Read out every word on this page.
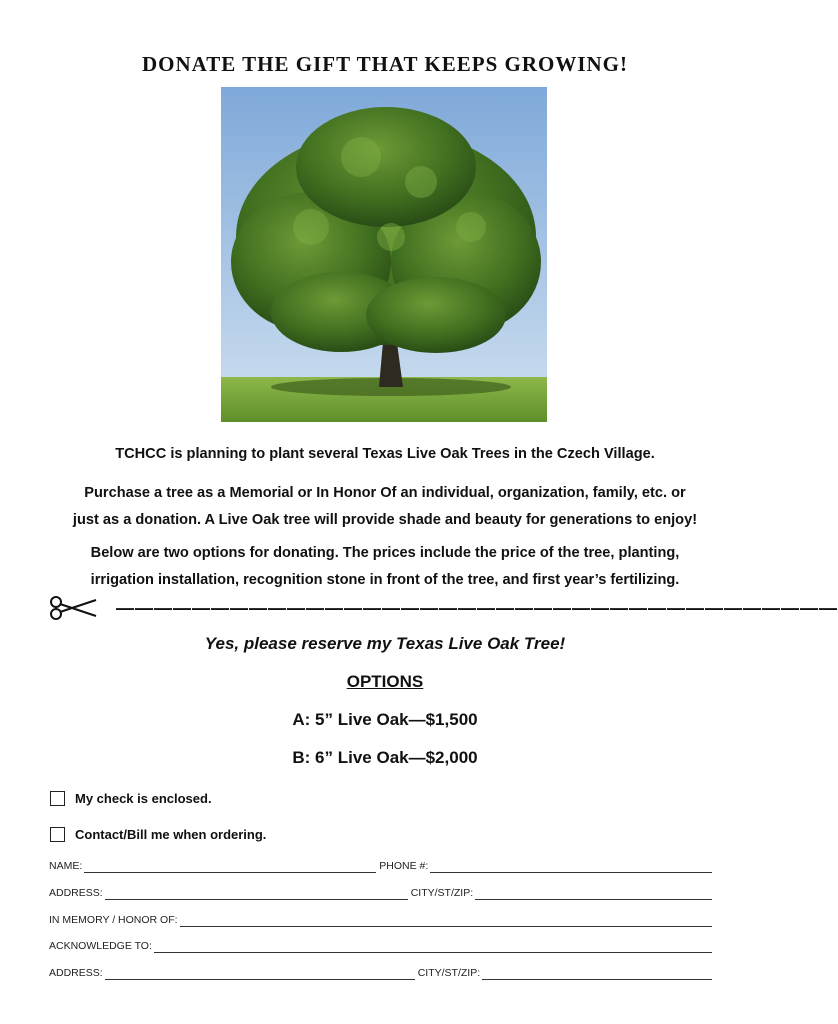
DONATE THE GIFT THAT KEEPS GROWING!
TCHCC is planning to plant several Texas Live Oak Trees in the Czech Village.
Purchase a tree as a Memorial or In Honor Of an individual, organization, family, etc. or
just as a donation. A Live Oak tree will provide shade and beauty for generations to enjoy!
Below are two options for donating. The prices include the price of the tree, planting,
irrigation installation, recognition stone in front of the tree, and first year’s fertilizing.
——————————————————————————————————————
Yes, please reserve my Texas Live Oak Tree!
OPTIONS
A: 5” Live Oak—$1,500
B: 6” Live Oak—$2,000
My check is enclosed.
Contact/Bill me when ordering.
NAME:	PHONE #:
ADDRESS:	CITY/ST/ZIP:
IN MEMORY / HONOR OF:
ACKNOWLEDGE TO:
ADDRESS:	CITY/ST/ZIP:
